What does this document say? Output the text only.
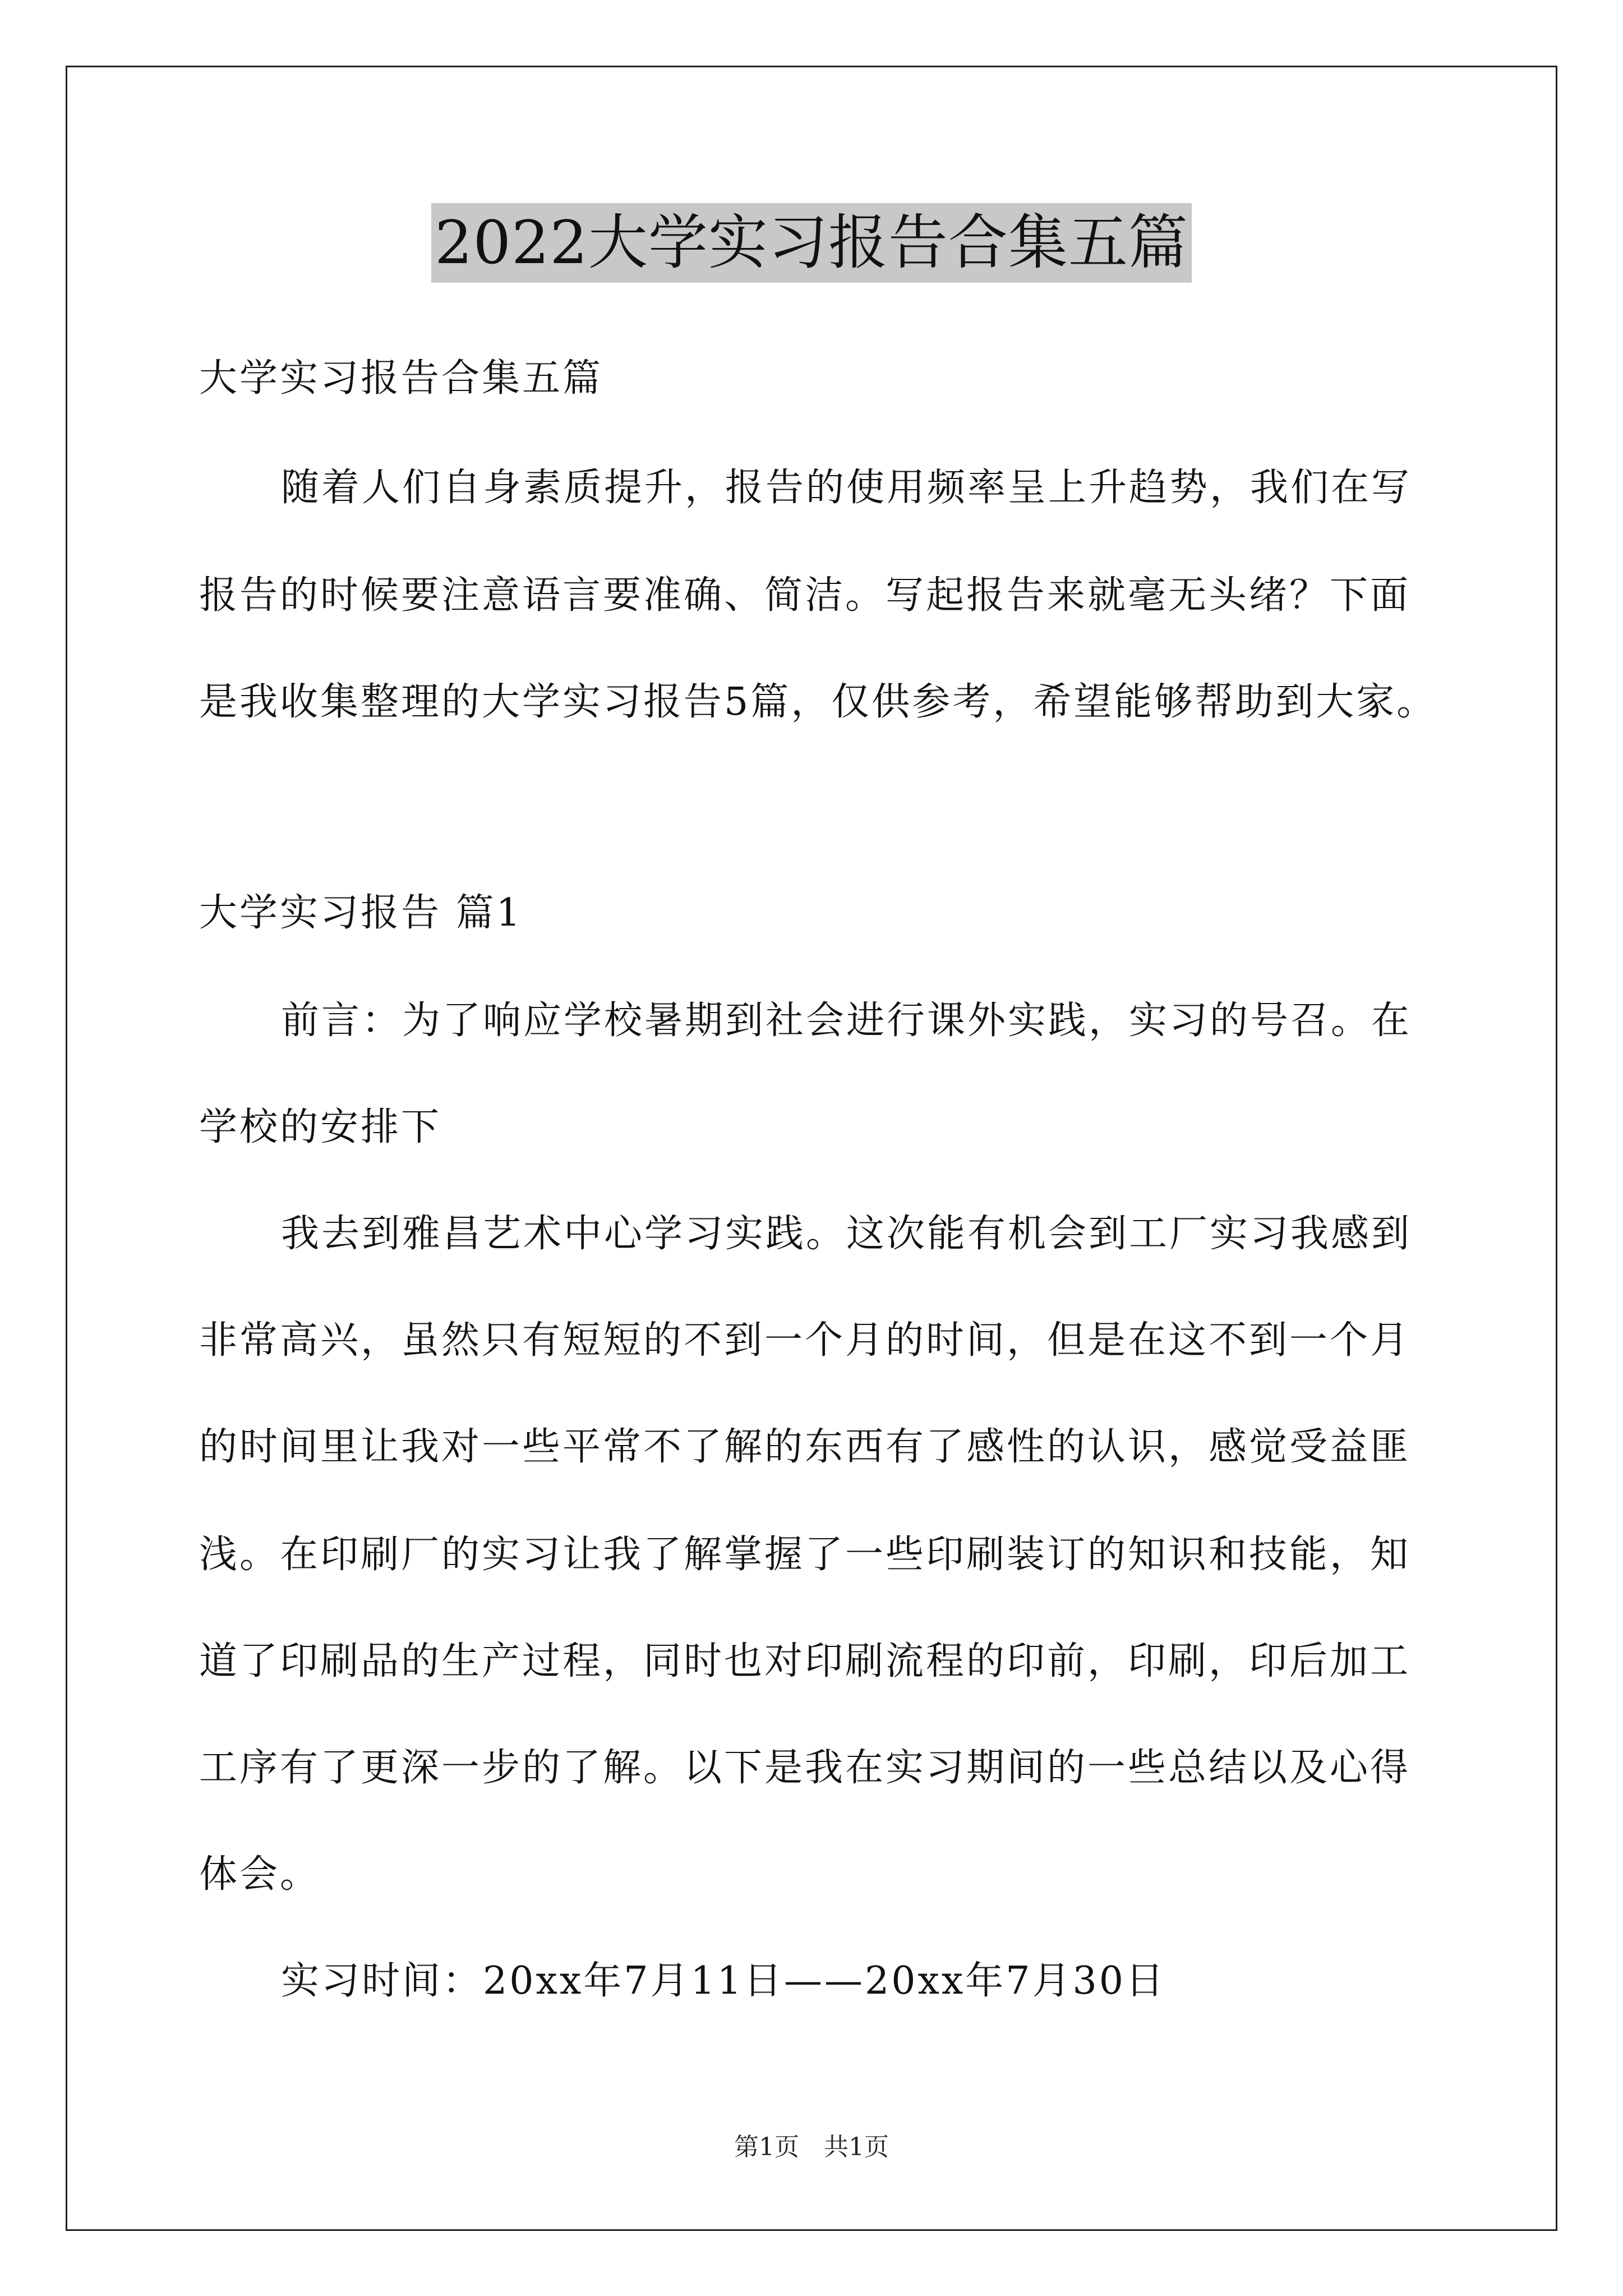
2022大学实习报告合集五篇
大学实习报告合集五篇
随着人们自身素质提升，报告的使用频率呈上升趋势，我们在写
报告的时候要注意语言要准确、简洁。写起报告来就毫无头绪？下面
是我收集整理的大学实习报告5篇，仅供参考，希望能够帮助到大家。
大学实习报告 篇1
前言：为了响应学校暑期到社会进行课外实践，实习的号召。在
学校的安排下
我去到雅昌艺术中心学习实践。这次能有机会到工厂实习我感到
非常高兴，虽然只有短短的不到一个月的时间，但是在这不到一个月
的时间里让我对一些平常不了解的东西有了感性的认识，感觉受益匪
浅。在印刷厂的实习让我了解掌握了一些印刷装订的知识和技能，知
道了印刷品的生产过程，同时也对印刷流程的印前，印刷，印后加工
工序有了更深一步的了解。以下是我在实习期间的一些总结以及心得
体会。
实习时间：20xx年7月11日——20xx年7月30日
第1页　共1页
